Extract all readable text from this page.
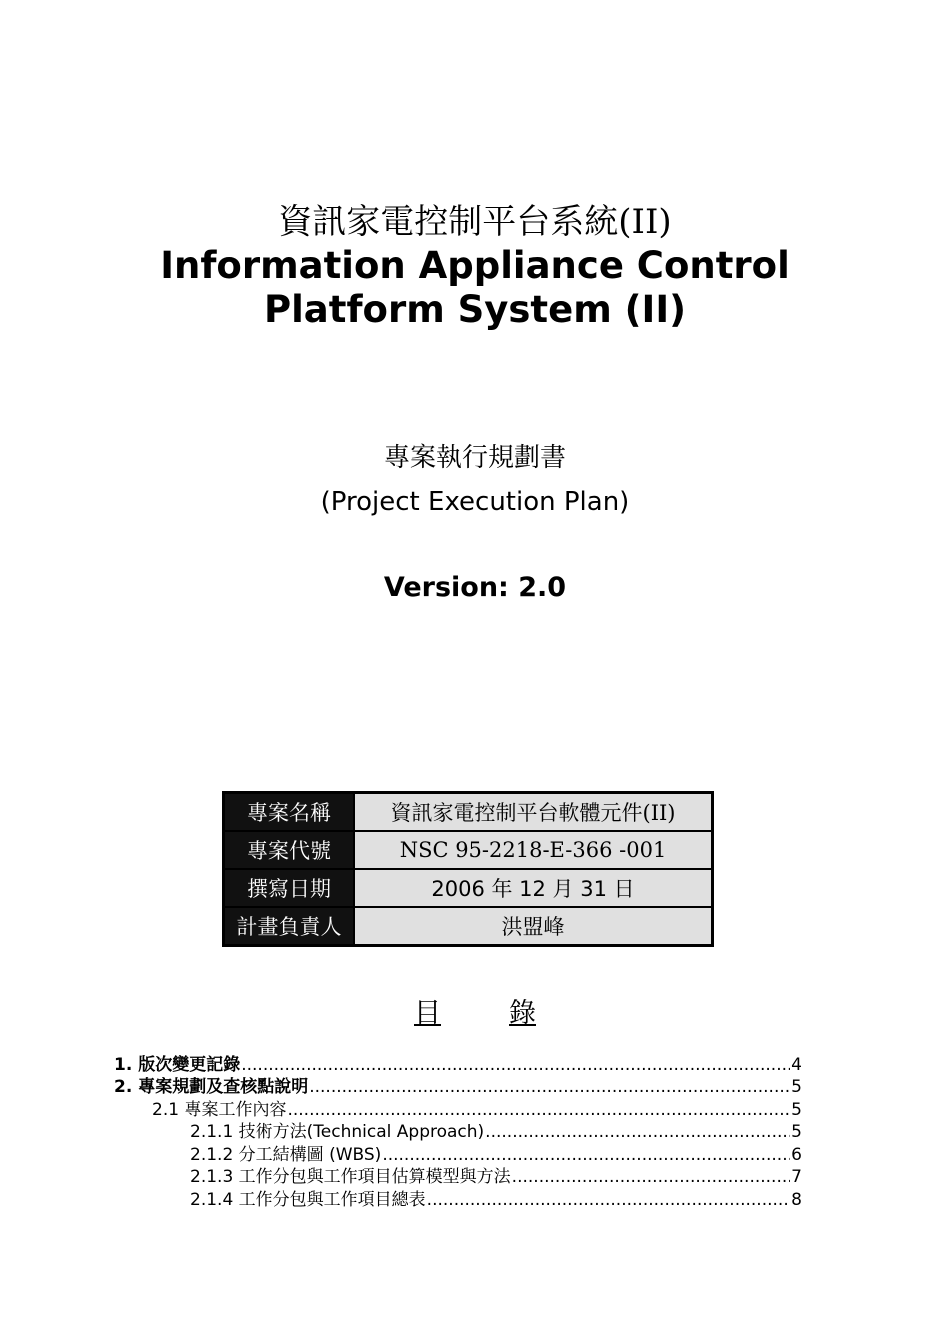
資訊家電控制平台系統(II)
Information Appliance Control
Platform System (II)
專案執行規劃書
(Project Execution Plan)
Version: 2.0
專案名稱	資訊家電控制平台軟體元件(II)
專案代號	NSC 95-2218-E-366 -001
撰寫日期	2006 年 12 月 31 日
計畫負責人	洪盟峰
目	錄
1. 版次變更記錄 .....	4
2. 專案規劃及查核點說明 .....	5
2.1 專案工作內容 .....	5
2.1.1 技術方法(Technical Approach) .....	5
2.1.2 分工結構圖 (WBS) .....	6
2.1.3 工作分包與工作項目估算模型與方法 .....	7
2.1.4 工作分包與工作項目總表 .....	8
